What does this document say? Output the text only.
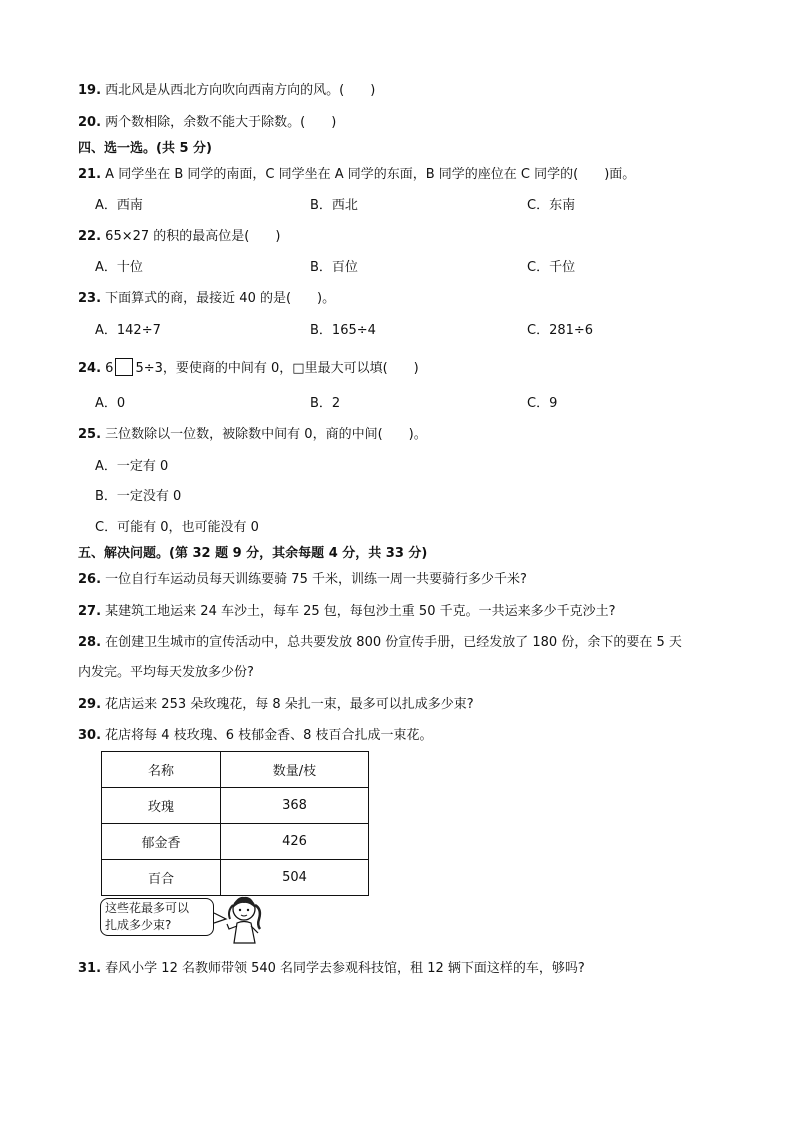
19. 西北风是从西北方向吹向西南方向的风。(　　)
20. 两个数相除，余数不能大于除数。(　　)
四、选一选。(共 5 分)
21. A 同学坐在 B 同学的南面，C 同学坐在 A 同学的东面，B 同学的座位在 C 同学的(　　)面。
A．西南	B．西北	C．东南
22. 65×27 的积的最高位是(　　)
A．十位	B．百位	C．千位
23. 下面算式的商，最接近 40 的是(　　)。
A．142÷7	B．165÷4	C．281÷6
24. 6 5÷3，要使商的中间有 0，□里最大可以填(　　)
A．0	B．2	C．9
25. 三位数除以一位数，被除数中间有 0，商的中间(　　)。
A．一定有 0
B．一定没有 0
C．可能有 0，也可能没有 0
五、解决问题。(第 32 题 9 分，其余每题 4 分，共 33 分)
26. 一位自行车运动员每天训练要骑 75 千米，训练一周一共要骑行多少千米?
27. 某建筑工地运来 24 车沙土，每车 25 包，每包沙土重 50 千克。一共运来多少千克沙土?
28. 在创建卫生城市的宣传活动中，总共要发放 800 份宣传手册，已经发放了 180 份，余下的要在 5 天
内发完。平均每天发放多少份?
29. 花店运来 253 朵玫瑰花，每 8 朵扎一束，最多可以扎成多少束?
30. 花店将每 4 枝玫瑰、6 枝郁金香、8 枝百合扎成一束花。
名称	数量/枝
玫瑰	368
郁金香	426
百合	504
这些花最多可以
扎成多少束?
31. 春风小学 12 名教师带领 540 名同学去参观科技馆，租 12 辆下面这样的车，够吗?
